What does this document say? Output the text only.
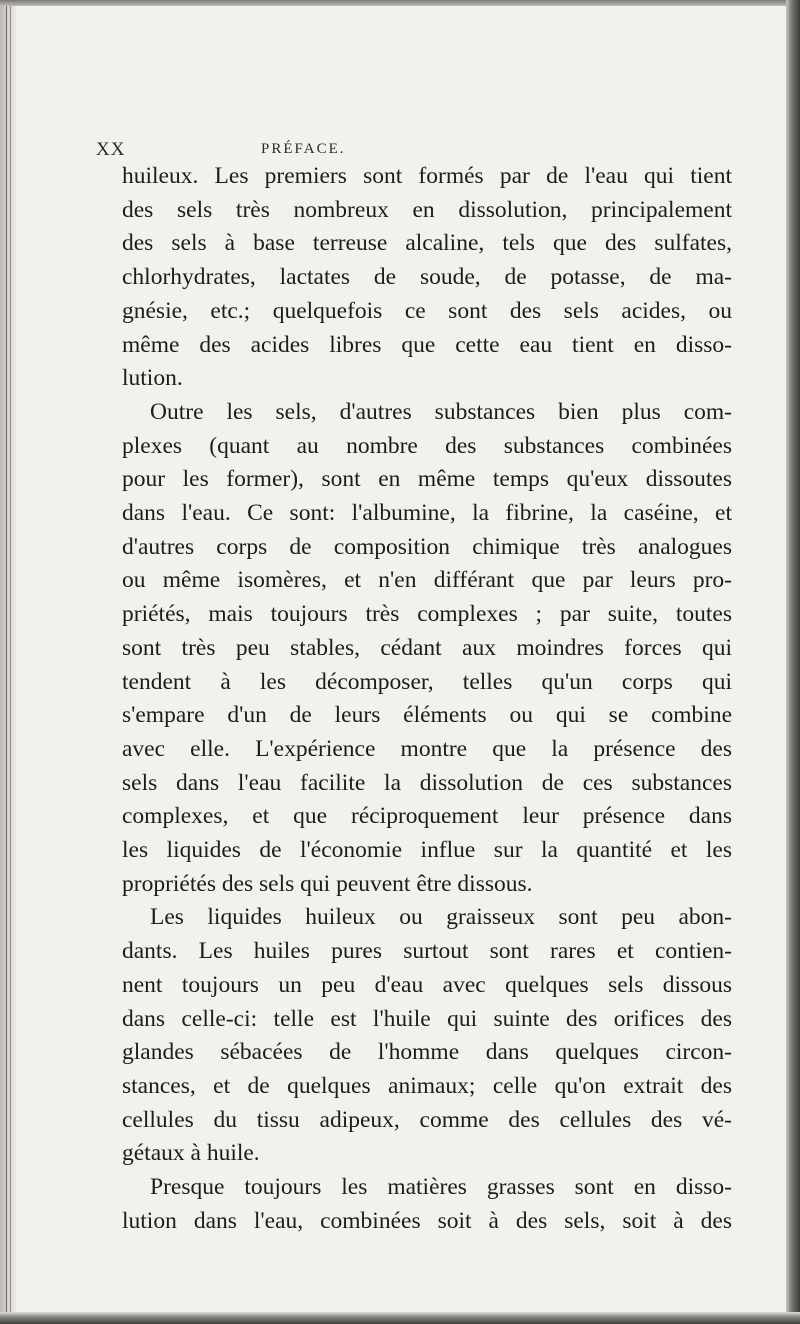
XX	PRÉFACE.
huileux. Les premiers sont formés par de l'eau qui tient
des sels très nombreux en dissolution, principalement
des sels à base terreuse alcaline, tels que des sulfates,
chlorhydrates, lactates de soude, de potasse, de ma-
gnésie, etc.; quelquefois ce sont des sels acides, ou
même des acides libres que cette eau tient en disso-
lution.
Outre les sels, d'autres substances bien plus com-
plexes (quant au nombre des substances combinées
pour les former), sont en même temps qu'eux dissoutes
dans l'eau. Ce sont: l'albumine, la fibrine, la caséine, et
d'autres corps de composition chimique très analogues
ou même isomères, et n'en différant que par leurs pro-
priétés, mais toujours très complexes ; par suite, toutes
sont très peu stables, cédant aux moindres forces qui
tendent à les décomposer, telles qu'un corps qui
s'empare d'un de leurs éléments ou qui se combine
avec elle. L'expérience montre que la présence des
sels dans l'eau facilite la dissolution de ces substances
complexes, et que réciproquement leur présence dans
les liquides de l'économie influe sur la quantité et les
propriétés des sels qui peuvent être dissous.
Les liquides huileux ou graisseux sont peu abon-
dants. Les huiles pures surtout sont rares et contien-
nent toujours un peu d'eau avec quelques sels dissous
dans celle-ci: telle est l'huile qui suinte des orifices des
glandes sébacées de l'homme dans quelques circon-
stances, et de quelques animaux; celle qu'on extrait des
cellules du tissu adipeux, comme des cellules des vé-
gétaux à huile.
Presque toujours les matières grasses sont en disso-
lution dans l'eau, combinées soit à des sels, soit à des
